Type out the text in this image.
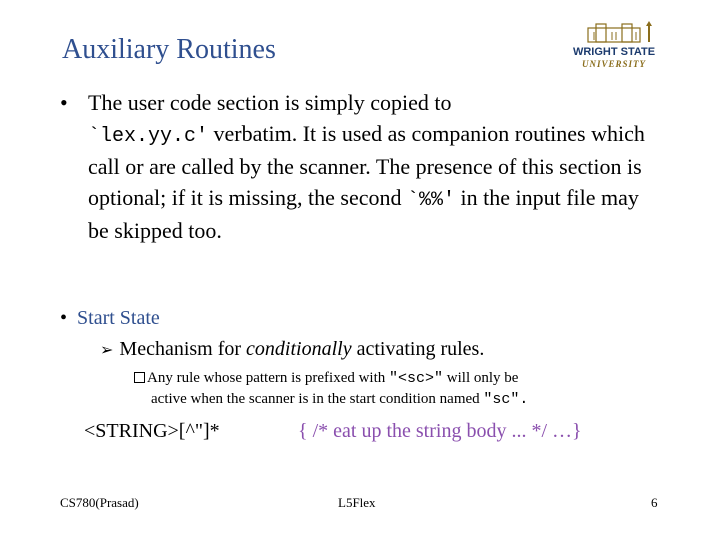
Auxiliary Routines	WRIGHT STATE
UNIVERSITY
• The user code section is simply copied to
`lex.yy.c' verbatim. It is used as companion routines which call or are called by the scanner. The presence of this section is optional; if it is missing, the second `%%' in the input file may be skipped too.
• Start State
➢ Mechanism for conditionally activating rules.
Any rule whose pattern is prefixed with "<sc>" will only be
active when the scanner is in the start condition named "sc".
<STRING>[^"]*	{ /* eat up the string body ... */ …}
CS780(Prasad)	L5Flex	6
